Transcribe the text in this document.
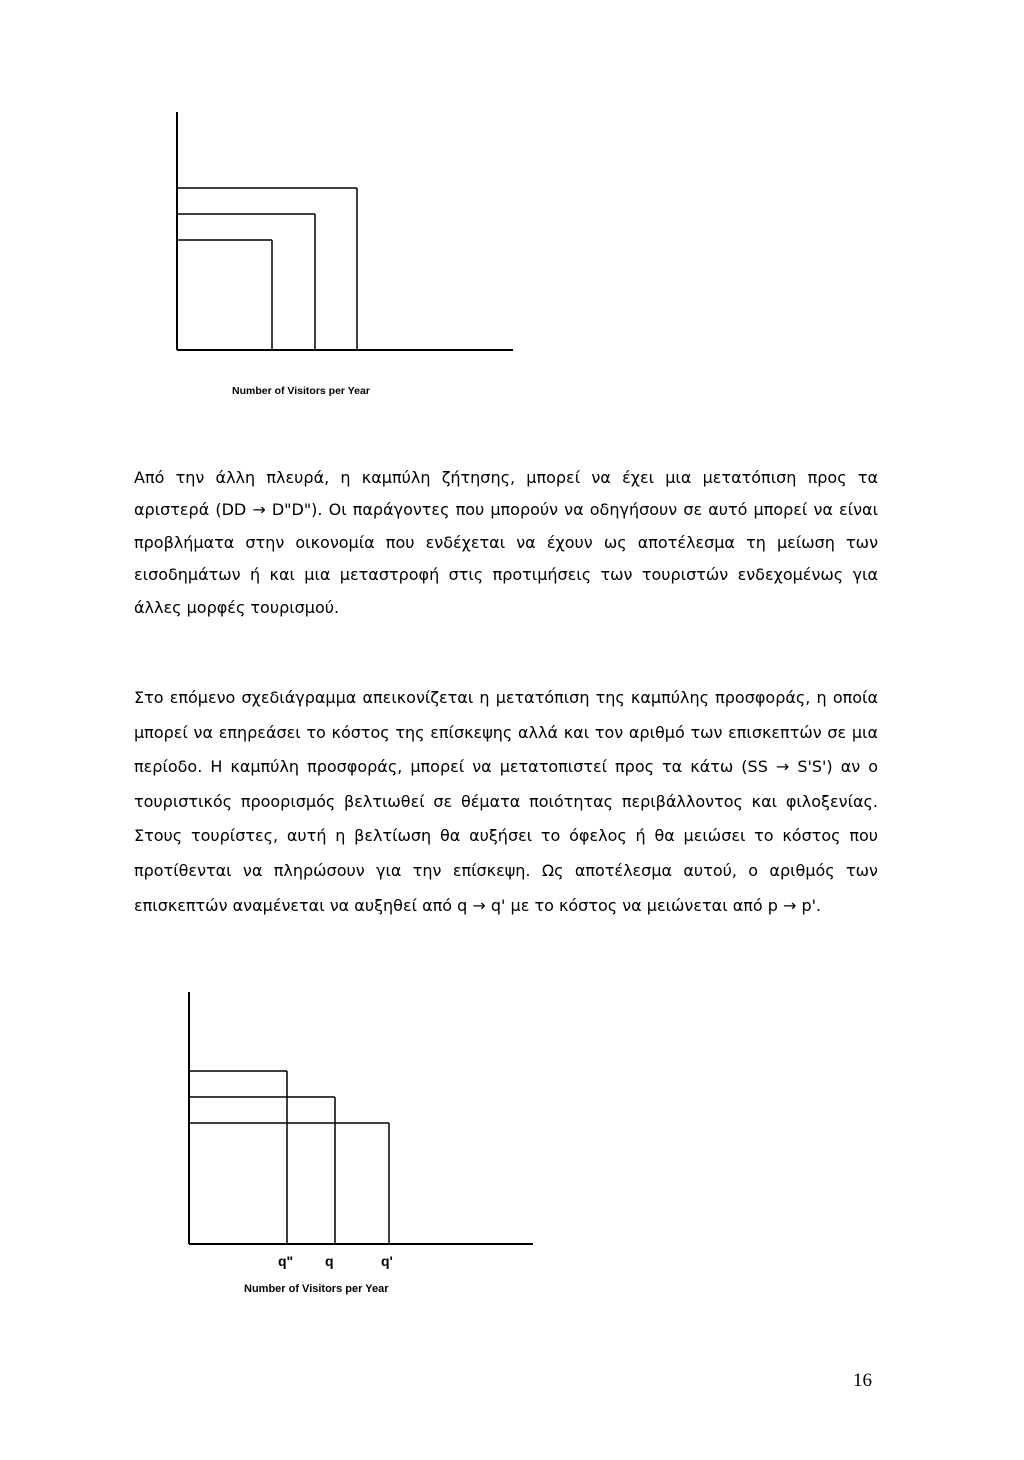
Number of Visitors per Year

Από την άλλη πλευρά, η καμπύλη ζήτησης, μπορεί να έχει μια μετατόπιση προς τα αριστερά (DD → D"D"). Οι παράγοντες που μπορούν να οδηγήσουν σε αυτό μπορεί να είναι προβλήματα στην οικονομία που ενδέχεται να έχουν ως αποτέλεσμα τη μείωση των εισοδημάτων ή και μια μεταστροφή στις προτιμήσεις των τουριστών ενδεχομένως για άλλες μορφές τουρισμού.

Στο επόμενο σχεδιάγραμμα απεικονίζεται η μετατόπιση της καμπύλης προσφοράς, η οποία μπορεί να επηρεάσει το κόστος της επίσκεψης αλλά και τον αριθμό των επισκεπτών σε μια περίοδο. Η καμπύλη προσφοράς, μπορεί να μετατοπιστεί προς τα κάτω (SS → S'S') αν ο τουριστικός προορισμός βελτιωθεί σε θέματα ποιότητας περιβάλλοντος και φιλοξενίας. Στους τουρίστες, αυτή η βελτίωση θα αυξήσει το όφελος ή θα μειώσει το κόστος που προτίθενται να πληρώσουν για την επίσκεψη. Ως αποτέλεσμα αυτού, ο αριθμός των επισκεπτών αναμένεται να αυξηθεί από q → q' με το κόστος να μειώνεται από p → p'.

q" q	q'
Number of Visitors per Year
16
